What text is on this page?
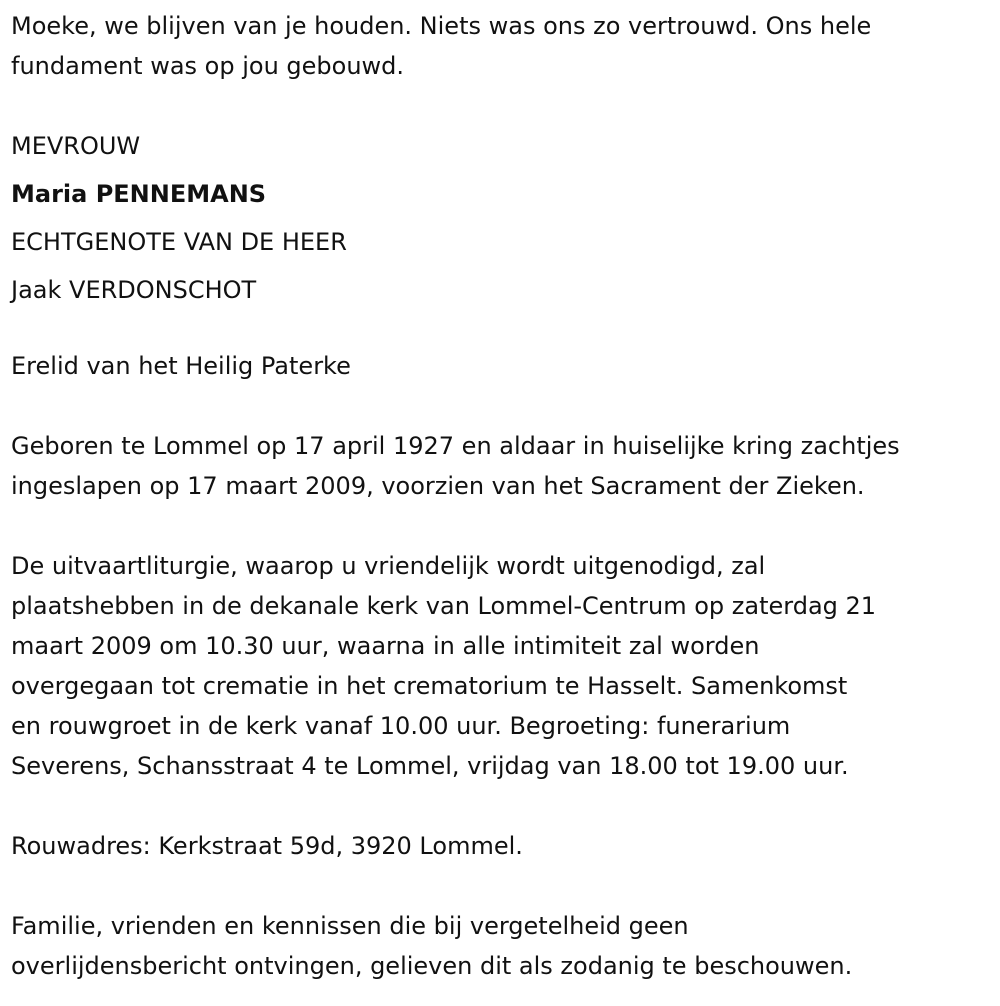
Moeke, we blijven van je houden. Niets was ons zo vertrouwd. Ons hele
fundament was op jou gebouwd.

MEVROUW
Maria PENNEMANS
ECHTGENOTE VAN DE HEER
Jaak VERDONSCHOT

Erelid van het Heilig Paterke

Geboren te Lommel op 17 april 1927 en aldaar in huiselijke kring zachtjes
ingeslapen op 17 maart 2009, voorzien van het Sacrament der Zieken.

De uitvaartliturgie, waarop u vriendelijk wordt uitgenodigd, zal
plaatshebben in de dekanale kerk van Lommel-Centrum op zaterdag 21
maart 2009 om 10.30 uur, waarna in alle intimiteit zal worden
overgegaan tot crematie in het crematorium te Hasselt. Samenkomst
en rouwgroet in de kerk vanaf 10.00 uur. Begroeting: funerarium
Severens, Schansstraat 4 te Lommel, vrijdag van 18.00 tot 19.00 uur.

Rouwadres: Kerkstraat 59d, 3920 Lommel.

Familie, vrienden en kennissen die bij vergetelheid geen
overlijdensbericht ontvingen, gelieven dit als zodanig te beschouwen.
